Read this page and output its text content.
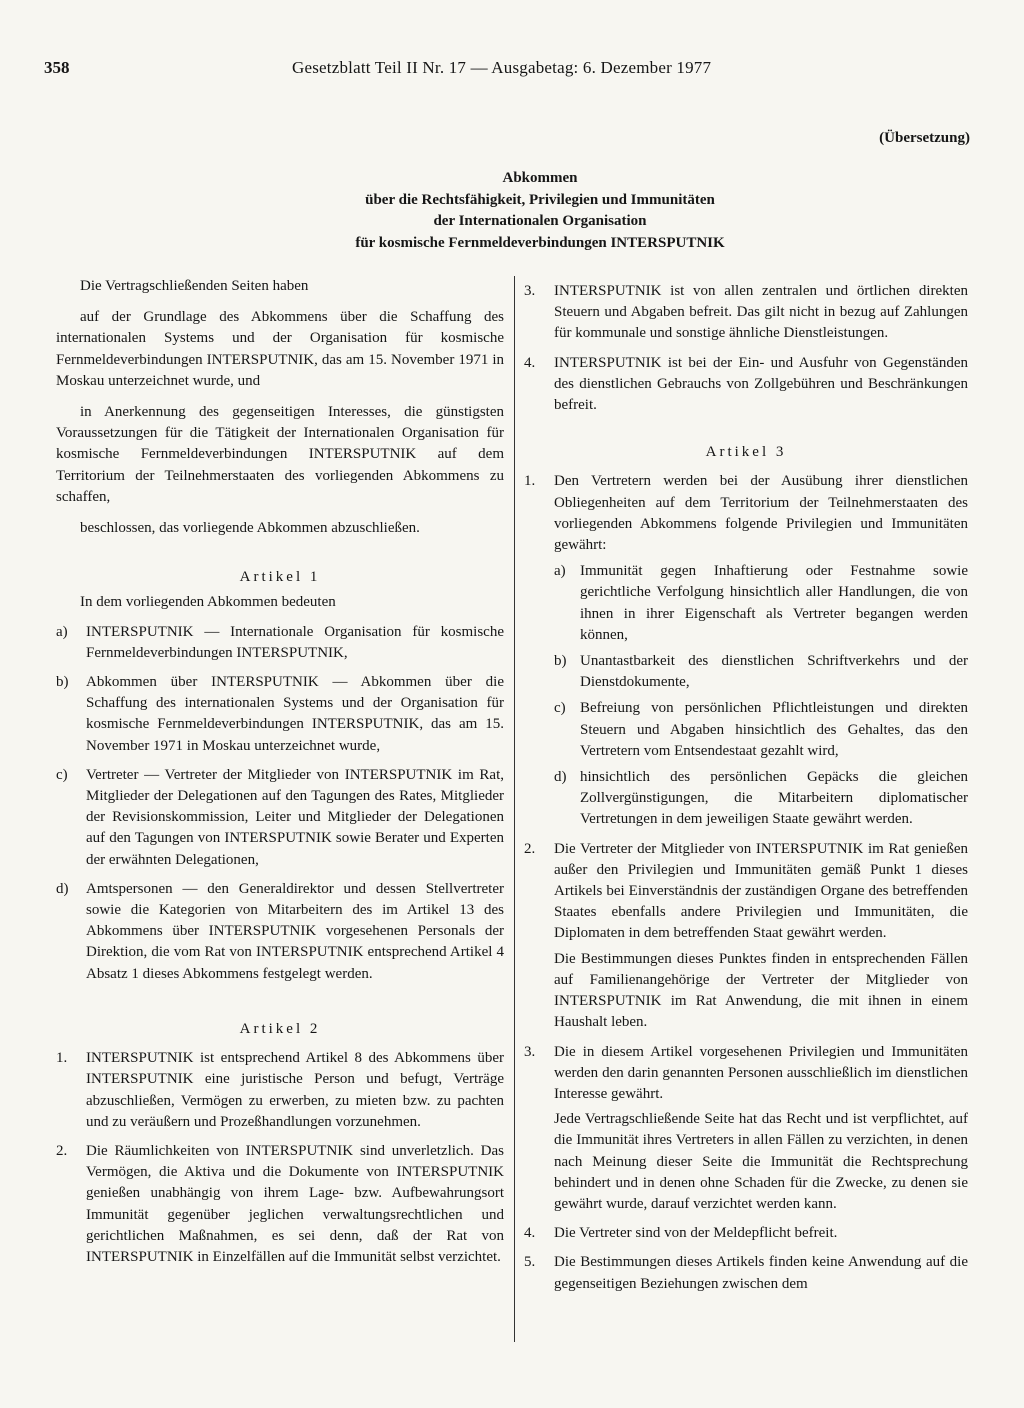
358	Gesetzblatt Teil II Nr. 17 — Ausgabetag: 6. Dezember 1977
(Übersetzung)
Abkommen
über die Rechtsfähigkeit, Privilegien und Immunitäten
der Internationalen Organisation
für kosmische Fernmeldeverbindungen INTERSPUTNIK

Die Vertragschließenden Seiten haben

auf der Grundlage des Abkommens über die Schaffung des internationalen Systems und der Organisation für kosmische Fernmeldeverbindungen INTERSPUTNIK, das am 15. November 1971 in Moskau unterzeichnet wurde, und

in Anerkennung des gegenseitigen Interesses, die günstigsten Voraussetzungen für die Tätigkeit der Internationalen Organisation für kosmische Fernmeldeverbindungen INTERSPUTNIK auf dem Territorium der Teilnehmerstaaten des vorliegenden Abkommens zu schaffen,

beschlossen, das vorliegende Abkommen abzuschließen.

Artikel 1

In dem vorliegenden Abkommen bedeuten

a) INTERSPUTNIK — Internationale Organisation für kosmische Fernmeldeverbindungen INTERSPUTNIK,

b) Abkommen über INTERSPUTNIK — Abkommen über die Schaffung des internationalen Systems und der Organisation für kosmische Fernmeldeverbindungen INTERSPUTNIK, das am 15. November 1971 in Moskau unterzeichnet wurde,

c) Vertreter — Vertreter der Mitglieder von INTERSPUTNIK im Rat, Mitglieder der Delegationen auf den Tagungen des Rates, Mitglieder der Revisionskommission, Leiter und Mitglieder der Delegationen auf den Tagungen von INTERSPUTNIK sowie Berater und Experten der erwähnten Delegationen,

d) Amtspersonen — den Generaldirektor und dessen Stellvertreter sowie die Kategorien von Mitarbeitern des im Artikel 13 des Abkommens über INTERSPUTNIK vorgesehenen Personals der Direktion, die vom Rat von INTERSPUTNIK entsprechend Artikel 4 Absatz 1 dieses Abkommens festgelegt werden.

Artikel 2
1. INTERSPUTNIK ist entsprechend Artikel 8 des Abkommens über INTERSPUTNIK eine juristische Person und befugt, Verträge abzuschließen, Vermögen zu erwerben, zu mieten bzw. zu pachten und zu veräußern und Prozeßhandlungen vorzunehmen.

2. Die Räumlichkeiten von INTERSPUTNIK sind unverletzlich. Das Vermögen, die Aktiva und die Dokumente von INTERSPUTNIK genießen unabhängig von ihrem Lage- bzw. Aufbewahrungsort Immunität gegenüber jeglichen verwaltungsrechtlichen und gerichtlichen Maßnahmen, es sei denn, daß der Rat von INTERSPUTNIK in Einzelfällen auf die Immunität selbst verzichtet.

3. INTERSPUTNIK ist von allen zentralen und örtlichen direkten Steuern und Abgaben befreit. Das gilt nicht in bezug auf Zahlungen für kommunale und sonstige ähnliche Dienstleistungen.

4. INTERSPUTNIK ist bei der Ein- und Ausfuhr von Gegenständen des dienstlichen Gebrauchs von Zollgebühren und Beschränkungen befreit.

Artikel 3
1. Den Vertretern werden bei der Ausübung ihrer dienstlichen Obliegenheiten auf dem Territorium der Teilnehmerstaaten des vorliegenden Abkommens folgende Privilegien und Immunitäten gewährt:

a) Immunität gegen Inhaftierung oder Festnahme sowie gerichtliche Verfolgung hinsichtlich aller Handlungen, die von ihnen in ihrer Eigenschaft als Vertreter begangen werden können,

b) Unantastbarkeit des dienstlichen Schriftverkehrs und der Dienstdokumente,

c) Befreiung von persönlichen Pflichtleistungen und direkten Steuern und Abgaben hinsichtlich des Gehaltes, das den Vertretern vom Entsendestaat gezahlt wird,

d) hinsichtlich des persönlichen Gepäcks die gleichen Zollvergünstigungen, die Mitarbeitern diplomatischer Vertretungen in dem jeweiligen Staate gewährt werden.

2. Die Vertreter der Mitglieder von INTERSPUTNIK im Rat genießen außer den Privilegien und Immunitäten gemäß Punkt 1 dieses Artikels bei Einverständnis der zuständigen Organe des betreffenden Staates ebenfalls andere Privilegien und Immunitäten, die Diplomaten in dem betreffenden Staat gewährt werden.

Die Bestimmungen dieses Punktes finden in entsprechenden Fällen auf Familienangehörige der Vertreter der Mitglieder von INTERSPUTNIK im Rat Anwendung, die mit ihnen in einem Haushalt leben.

3. Die in diesem Artikel vorgesehenen Privilegien und Immunitäten werden den darin genannten Personen ausschließlich im dienstlichen Interesse gewährt.

Jede Vertragschließende Seite hat das Recht und ist verpflichtet, auf die Immunität ihres Vertreters in allen Fällen zu verzichten, in denen nach Meinung dieser Seite die Immunität die Rechtsprechung behindert und in denen ohne Schaden für die Zwecke, zu denen sie gewährt wurde, darauf verzichtet werden kann.

4. Die Vertreter sind von der Meldepflicht befreit.

5. Die Bestimmungen dieses Artikels finden keine Anwendung auf die gegenseitigen Beziehungen zwischen dem
